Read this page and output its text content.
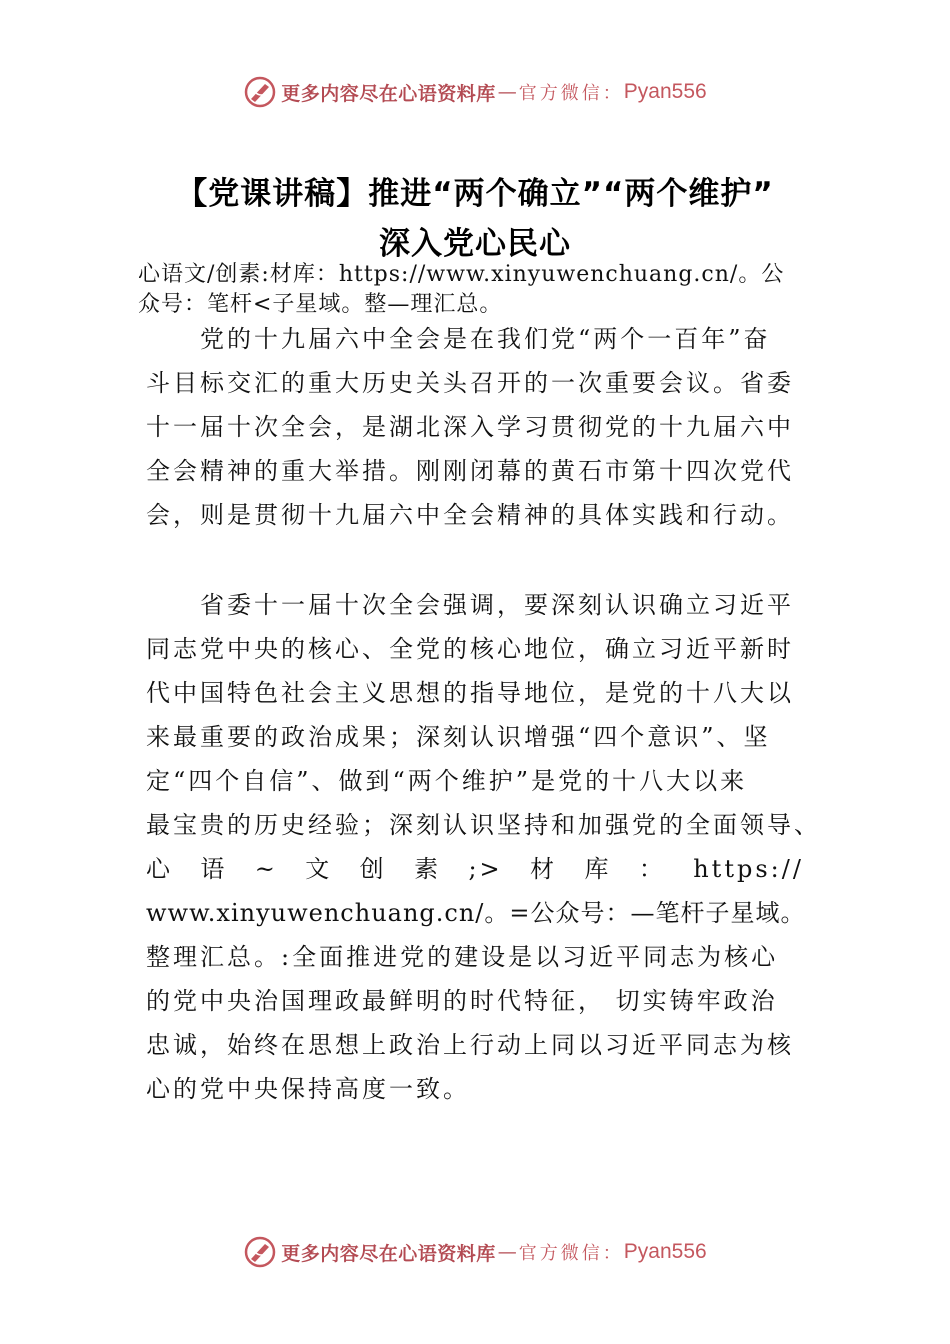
更多内容尽在心语资料库 — 官方微信： Pyan556
【党课讲稿】推进“两个确立”“两个维护”
深入党心民心
心语文/创素:材库：https://www.xinyuwenchuang.cn/。公
众号：笔杆<子星域。整—理汇总。
　　党的十九届六中全会是在我们党“两个一百年”奋
斗目标交汇的重大历史关头召开的一次重要会议。省委
十一届十次全会，是湖北深入学习贯彻党的十九届六中
全会精神的重大举措。刚刚闭幕的黄石市第十四次党代
会，则是贯彻十九届六中全会精神的具体实践和行动。
　　省委十一届十次全会强调，要深刻认识确立习近平
同志党中央的核心、全党的核心地位，确立习近平新时
代中国特色社会主义思想的指导地位，是党的十八大以
来最重要的政治成果；深刻认识增强“四个意识”、坚
定“四个自信”、做到“两个维护”是党的十八大以来
最宝贵的历史经验；深刻认识坚持和加强党的全面领导、
心 语 ~ 文 创 素 ;> 材 库 ： https://
www.xinyuwenchuang.cn/。=公众号：—笔杆子星域。
整理汇总。:全面推进党的建设是以习近平同志为核心
的党中央治国理政最鲜明的时代特征， 切实铸牢政治
忠诚，始终在思想上政治上行动上同以习近平同志为核
心的党中央保持高度一致。
更多内容尽在心语资料库 — 官方微信： Pyan556
